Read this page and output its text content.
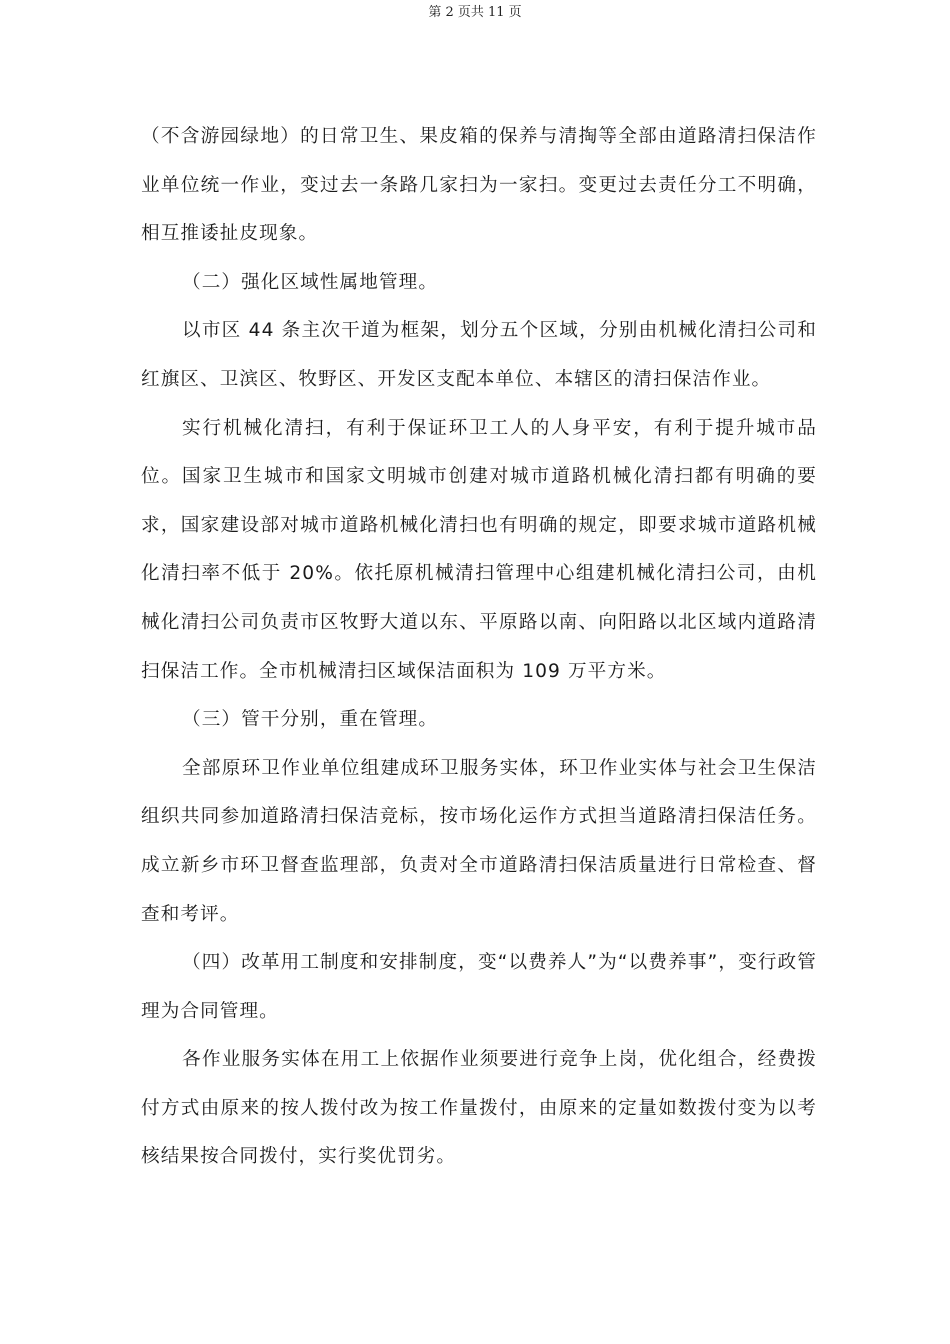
第 2 页共 11 页

（不含游园绿地）的日常卫生、果皮箱的保养与清掏等全部由道路清扫保洁作业单位统一作业，变过去一条路几家扫为一家扫。变更过去责任分工不明确，相互推诿扯皮现象。

（二）强化区域性属地管理。

以市区 44 条主次干道为框架，划分五个区域，分别由机械化清扫公司和红旗区、卫滨区、牧野区、开发区支配本单位、本辖区的清扫保洁作业。

实行机械化清扫，有利于保证环卫工人的人身平安，有利于提升城市品位。国家卫生城市和国家文明城市创建对城市道路机械化清扫都有明确的要求，国家建设部对城市道路机械化清扫也有明确的规定，即要求城市道路机械化清扫率不低于 20%。依托原机械清扫管理中心组建机械化清扫公司，由机械化清扫公司负责市区牧野大道以东、平原路以南、向阳路以北区域内道路清扫保洁工作。全市机械清扫区域保洁面积为 109 万平方米。

（三）管干分别，重在管理。

全部原环卫作业单位组建成环卫服务实体，环卫作业实体与社会卫生保洁组织共同参加道路清扫保洁竞标，按市场化运作方式担当道路清扫保洁任务。成立新乡市环卫督查监理部，负责对全市道路清扫保洁质量进行日常检查、督查和考评。

（四）改革用工制度和安排制度，变“以费养人”为“以费养事”，变行政管理为合同管理。

各作业服务实体在用工上依据作业须要进行竞争上岗，优化组合，经费拨付方式由原来的按人拨付改为按工作量拨付，由原来的定量如数拨付变为以考核结果按合同拨付，实行奖优罚劣。
